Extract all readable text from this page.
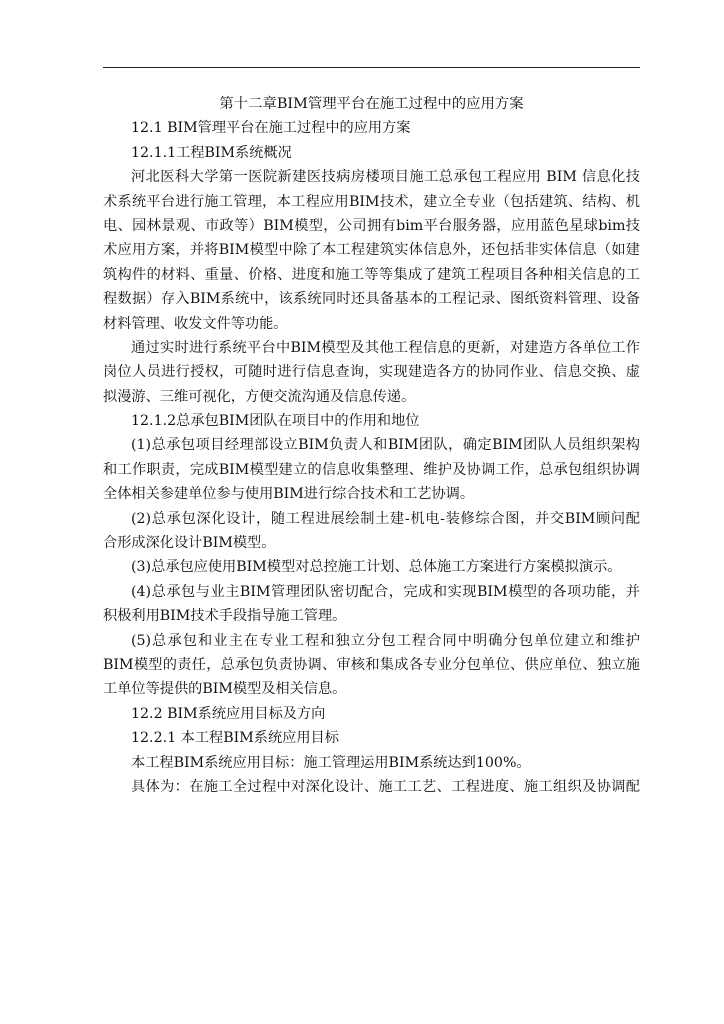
第十二章BIM管理平台在施工过程中的应用方案
12.1 BIM管理平台在施工过程中的应用方案
12.1.1工程BIM系统概况
河北医科大学第一医院新建医技病房楼项目施工总承包工程应用 BIM 信息化技
术系统平台进行施工管理，本工程应用BIM技术，建立全专业（包括建筑、结构、机
电、园林景观、市政等）BIM模型，公司拥有bim平台服务器，应用蓝色星球bim技
术应用方案，并将BIM模型中除了本工程建筑实体信息外，还包括非实体信息（如建
筑构件的材料、重量、价格、进度和施工等等集成了建筑工程项目各种相关信息的工
程数据）存入BIM系统中，该系统同时还具备基本的工程记录、图纸资料管理、设备
材料管理、收发文件等功能。
通过实时进行系统平台中BIM模型及其他工程信息的更新，对建造方各单位工作
岗位人员进行授权，可随时进行信息查询，实现建造各方的协同作业、信息交换、虚
拟漫游、三维可视化，方便交流沟通及信息传递。
12.1.2总承包BIM团队在项目中的作用和地位
(1)总承包项目经理部设立BIM负责人和BIM团队，确定BIM团队人员组织架构
和工作职责，完成BIM模型建立的信息收集整理、维护及协调工作，总承包组织协调
全体相关参建单位参与使用BIM进行综合技术和工艺协调。
(2)总承包深化设计，随工程进展绘制土建-机电-装修综合图，并交BIM顾问配
合形成深化设计BIM模型。
(3)总承包应使用BIM模型对总控施工计划、总体施工方案进行方案模拟演示。
(4)总承包与业主BIM管理团队密切配合，完成和实现BIM模型的各项功能，并
积极利用BIM技术手段指导施工管理。
(5)总承包和业主在专业工程和独立分包工程合同中明确分包单位建立和维护
BIM模型的责任，总承包负责协调、审核和集成各专业分包单位、供应单位、独立施
工单位等提供的BIM模型及相关信息。
12.2 BIM系统应用目标及方向
12.2.1 本工程BIM系统应用目标
本工程BIM系统应用目标：施工管理运用BIM系统达到100%。
具体为：在施工全过程中对深化设计、施工工艺、工程进度、施工组织及协调配
